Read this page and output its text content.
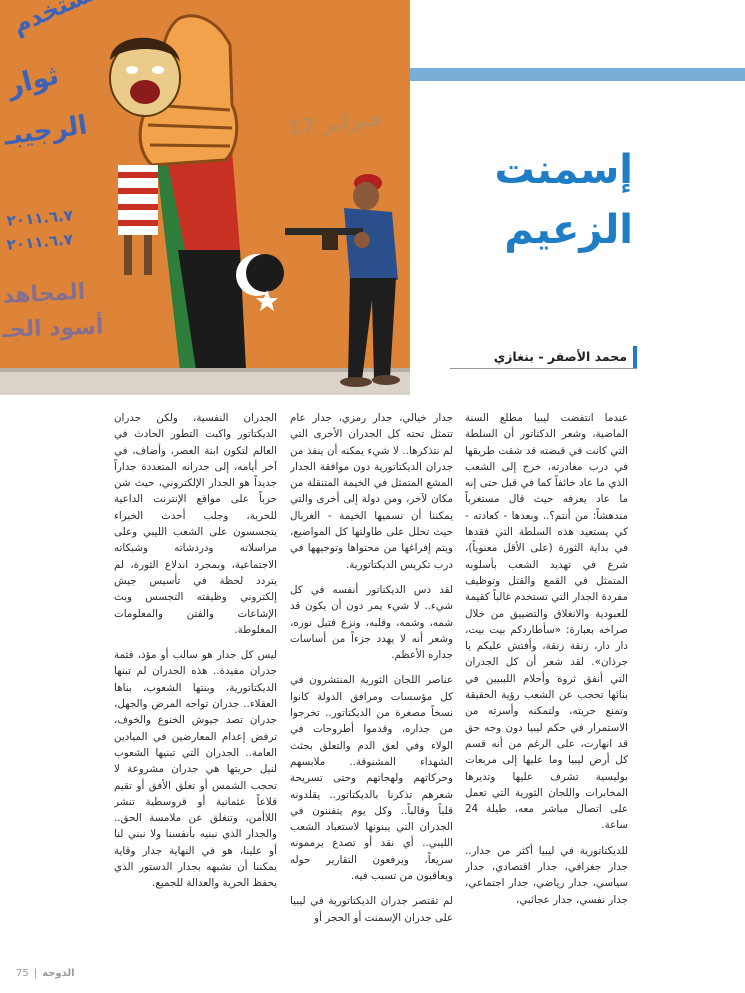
ثوار
الرجيبـ
٢٠١١.٦.٧
٢٠١١.٦.٧
المجاهد
أسود الجـ
فبراير 17
إسمنت
الزعيم
محمد الأصفر - بنغازي

عندما انتفضت ليبيا مطلع السنة الماضية، وشعر الدكتاتور أن السلطة التي كانت في قبضته قد شقت طريقها في درب مغادرته، خرج إلى الشعب الذي ما عاد خائفاً كما في قبل حتى إنه ما عاد يعرفه حيث قال مستغرباً مندهشاً: من أنتم؟.. وبعدها - كعادته - كي يستعيد هذه السلطة التي فقدها في بداية الثورة (على الأقل معنوياً)، شرع في تهديد الشعب بأسلوبه المتمثل في القمع والقتل وتوظيف مفردة الجدار التي تستخدم غالباً كقيمة للعبودية والانغلاق والتضييق من خلال صراخه بعبارة: «سأطاردكم بيت بيت، دار دار، زنقة زنقة، وأفتش عليكم يا جرذان». لقد شعر أن كل الجدران التي أنفق ثروة وأحلام الليبيين في بنائها تحجب عن الشعب رؤية الحقيقة وتمنع حريته، ولتمكنه وأسرته من الاستمرار في حكم ليبيا دون وجه حق قد انهارت، على الرغم من أنه قسم كل أرض ليبيا وما عليها إلى مربعات بوليسية تشرف عليها وتديرها المخابرات واللجان الثورية التي تعمل على اتصال مباشر معه، طيلة 24 ساعة.

للديكتاتورية في ليبيا أكثر من جدار.. جدار جغرافي، جدار اقتصادي، جدار سياسي، جدار رياضي، جدار اجتماعي، جدار نفسي، جدار عجائبي،

جدار خيالي، جدار رمزي، جدار عام تتمثل تحته كل الجدران الأخرى التي لم نتذكرها.. لا شيء يمكنه أن ينفذ من جدران الديكتاتورية دون موافقة الجدار المشع المتمثل في الخيمة المتنقلة من مكان لآخر، ومن دولة إلى أخرى والتي يمكننا أن نسميها الخيمة - الغربال حيث تحلل على طاولتها كل المواضيع، ويتم إفراغها من محتواها وتوجيهها في درب تكريس الديكتاتورية.

لقد دس الديكتاتور أنفسه في كل شيء.. لا شيء يمر دون أن يكون قد شمه، وشمه، وقلبه، ونزع فتيل نوره، وشعر أنه لا يهدد جزءاً من أساسات جداره الأعظم.

عناصر اللجان الثورية المنتشرون في كل مؤسسات ومرافق الدولة كانوا نسخاً مصغرة من الديكتاتور.. تخرجوا من جداره، وقدموا أطروحات في الولاء وفي لعق الدم والتعلق بجثث الشهداء المشنوقة.. ملابسهم وحركاتهم ولهجاتهم وحتى تسريحة شعرهم تذكرنا بالديكتاتور.. يقلدونه قلباً وقالباً.. وكل يوم يتفننون في الجدران التي يبنونها لاستعباد الشعب الليبي.. أي نقد أو تصدع يرممونه سريعاً، ويرفعون التقارير حوله ويعاقبون من تسبب فيه.

لم تقتصر جدران الديكتاتورية في ليبيا على جدران الإسمنت أو الحجر أو

الجدران النفسية، ولكن جدران الديكتاتور واكبت التطور الحادث في العالم لتكون ابنة العصر، وأضاف، في آخر أيامه، إلى جدرانه المتعددة جداراً جديداً هو الجدار الإلكتروني، حيث شن حرباً على مواقع الإنترنت الداعية للحرية، وجلب أحدث الخبراء يتجسسون على الشعب الليبي وعلى مراسلاته ودردشاته وشبكاته الاجتماعية، وبمجرد اندلاع الثورة، لم يتردد لحظة في تأسيس جيش إلكتروني وظيفته التجسس وبث الإشاعات والفتن والمعلومات المغلوطة.

ليس كل جدار هو سالب أو مؤذ، فثمة جدران مفيدة.. هذه الجدران لم تبنها الديكتاتورية، وبنتها الشعوب، بناها العقلاء.. جدران تواجه المرض والجهل، جدران تصد جيوش الخنوع والخوف، ترفض إعدام المعارضين في الميادين العامة.. الجدران التي تبنيها الشعوب لنيل حريتها هي جدران مشروعة لا تحجب الشمس أو تغلق الأفق أو تقيم قلاعاً عثمانية أو قروسطية تنشر اللاأمن، وتنغلق عن ملامسة الحق.. والجدار الذي نبنيه بأنفسنا ولا نبني لنا أو علينا، هو في النهاية جدار وقاية يمكننا أن نشبهه بجدار الدستور الذي يحفظ الحرية والعدالة للجميع.

75 | الدوحة
